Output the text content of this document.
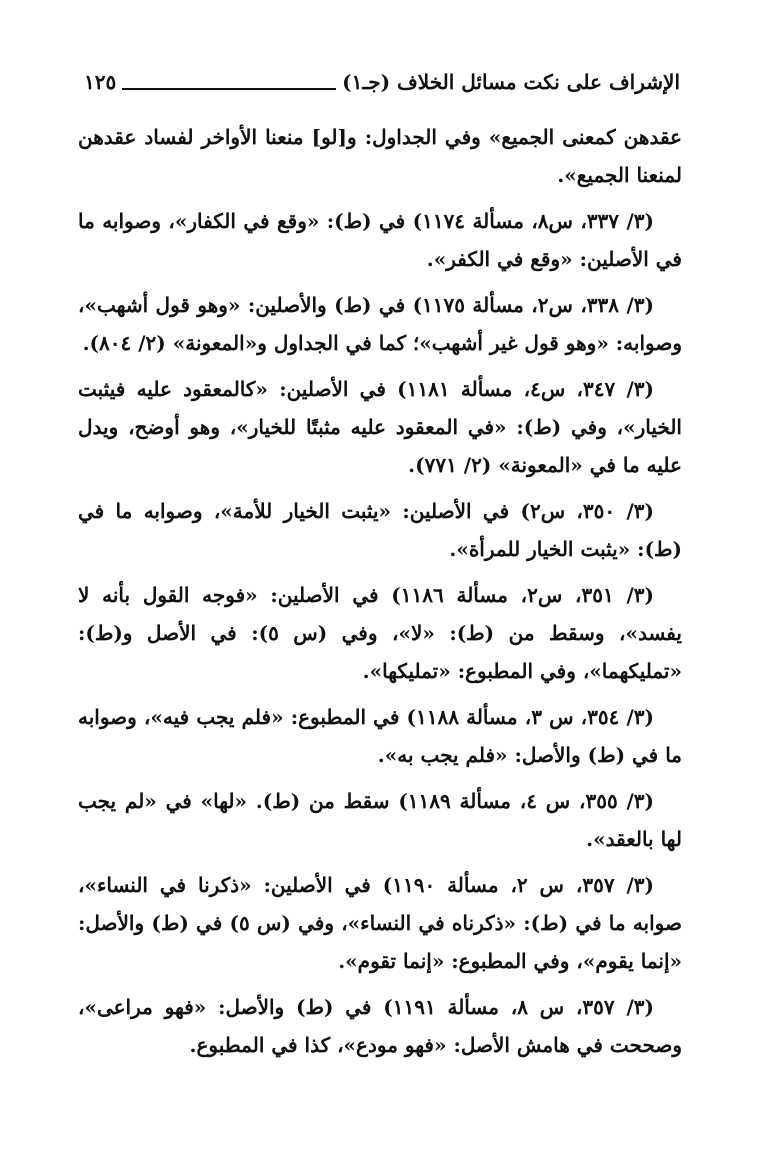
الإشراف على نكت مسائل الخلاف (جـ١)
١٢٥

عقدهن كمعنى الجميع» وفي الجداول: و[لو] منعنا الأواخر لفساد عقدهن لمنعنا الجميع».

(٣/ ٣٣٧، س٨، مسألة ١١٧٤) في (ط): «وقع في الكفار»، وصوابه ما في الأصلين: «وقع في الكفر».

(٣/ ٣٣٨، س٢، مسألة ١١٧٥) في (ط) والأصلين: «وهو قول أشهب»، وصوابه: «وهو قول غير أشهب»؛ كما في الجداول و«المعونة» (٢/ ٨٠٤).

(٣/ ٣٤٧، س٤، مسألة ١١٨١) في الأصلين: «كالمعقود عليه فيثبت الخيار»، وفي (ط): «في المعقود عليه مثبتًا للخيار»، وهو أوضح، ويدل عليه ما في «المعونة» (٢/ ٧٧١).

(٣/ ٣٥٠، س٢) في الأصلين: «يثبت الخيار للأمة»، وصوابه ما في (ط): «يثبت الخيار للمرأة».

(٣/ ٣٥١، س٢، مسألة ١١٨٦) في الأصلين: «فوجه القول بأنه لا يفسد»، وسقط من (ط): «لا»، وفي (س ٥): في الأصل و(ط): «تمليكهما»، وفي المطبوع: «تمليكها».

(٣/ ٣٥٤، س ٣، مسألة ١١٨٨) في المطبوع: «فلم يجب فيه»، وصوابه ما في (ط) والأصل: «فلم يجب به».

(٣/ ٣٥٥، س ٤، مسألة ١١٨٩) سقط من (ط). «لها» في «لم يجب لها بالعقد».

(٣/ ٣٥٧، س ٢، مسألة ١١٩٠) في الأصلين: «ذكرنا في النساء»، صوابه ما في (ط): «ذكرناه في النساء»، وفي (س ٥) في (ط) والأصل: «إنما يقوم»، وفي المطبوع: «إنما تقوم».

(٣/ ٣٥٧، س ٨، مسألة ١١٩١) في (ط) والأصل: «فهو مراعى»، وصححت في هامش الأصل: «فهو مودع»، كذا في المطبوع.
